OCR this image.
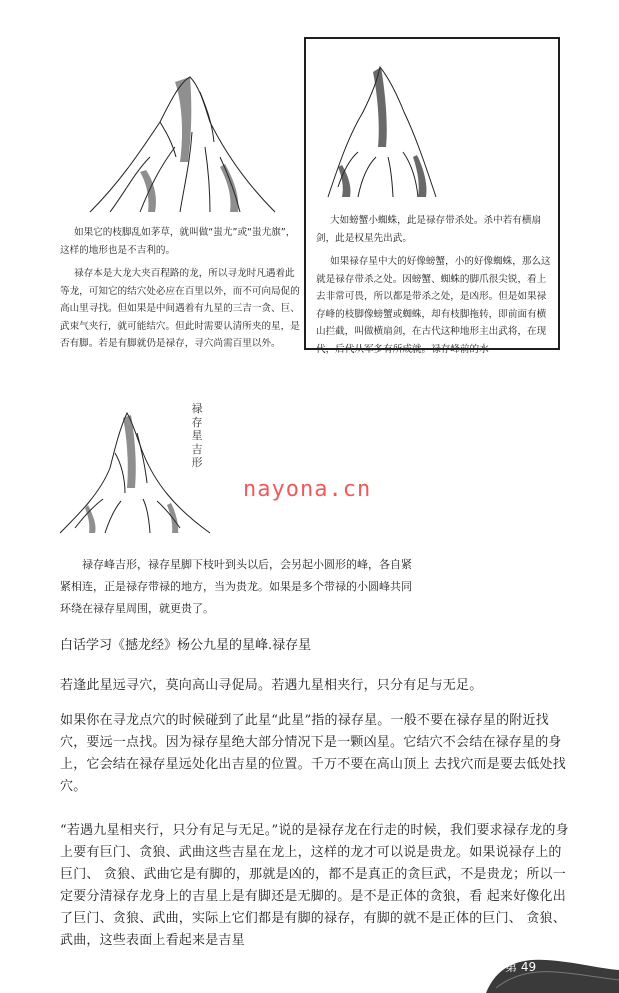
如果它的枝脚乱如茅草，就叫做“蚩尤”或“蚩尤旗”，这样的地形也是不吉利的。

禄存本是大龙大夹百程路的龙，所以寻龙时凡遇着此等龙，可知它的结穴处必应在百里以外，而不可向局促的高山里寻找。但如果是中间遇着有九星的三吉一贪、巨、武束气夹行，就可能结穴。但此时需要认清所夹的星，是否有脚。若是有脚就仍是禄存，寻穴尚需百里以外。

大如螃蟹小蜘蛛，此是禄存带杀处。杀中若有横扇剑，此是权星先出武。

如果禄存星中大的好像螃蟹，小的好像蜘蛛，那么这就是禄存带杀之处。因螃蟹、蜘蛛的脚爪很尖锐，看上去非常可畏，所以都是带杀之处，是凶形。但是如果禄存峰的枝脚像螃蟹或蜘蛛，却有枝脚拖转，即前面有横山拦截，叫做横扇剑，在古代这种地形主出武将，在现代，后代从军多有所成就。禄存峰前的水

禄存星吉形
nayona.cn

禄存峰吉形，禄存星脚下枝叶到头以后，会另起小圆形的峰，各自紧紧相连，正是禄存带禄的地方，当为贵龙。如果是多个带禄的小圆峰共同环绕在禄存星周围，就更贵了。

白话学习《撼龙经》杨公九星的星峰.禄存星

若逢此星远寻穴，莫向高山寻促局。若遇九星相夹行，只分有足与无足。

如果你在寻龙点穴的时候碰到了此星“此星”指的禄存星。一般不要在禄存星的附近找穴，要远一点找。因为禄存星绝大部分情况下是一颗凶星。它结穴不会结在禄存星的身上，它会结在禄存星远处化出吉星的位置。千万不要在高山顶上 去找穴而是要去低处找穴。

“若遇九星相夹行，只分有足与无足。”说的是禄存龙在行走的时候，我们要求禄存龙的身 上要有巨门、贪狼、武曲这些吉星在龙上，这样的龙才可以说是贵龙。如果说禄存上的巨门、 贪狼、武曲它是有脚的，那就是凶的，都不是真正的贪巨武，不是贵龙；所以一定要分清禄存龙身上的吉星上是有脚还是无脚的。是不是正体的贪狼，看 起来好像化出了巨门、贪狼、武曲，实际上它们都是有脚的禄存，有脚的就不是正体的巨门、 贪狼、武曲，这些表面上看起来是吉星

第 49
